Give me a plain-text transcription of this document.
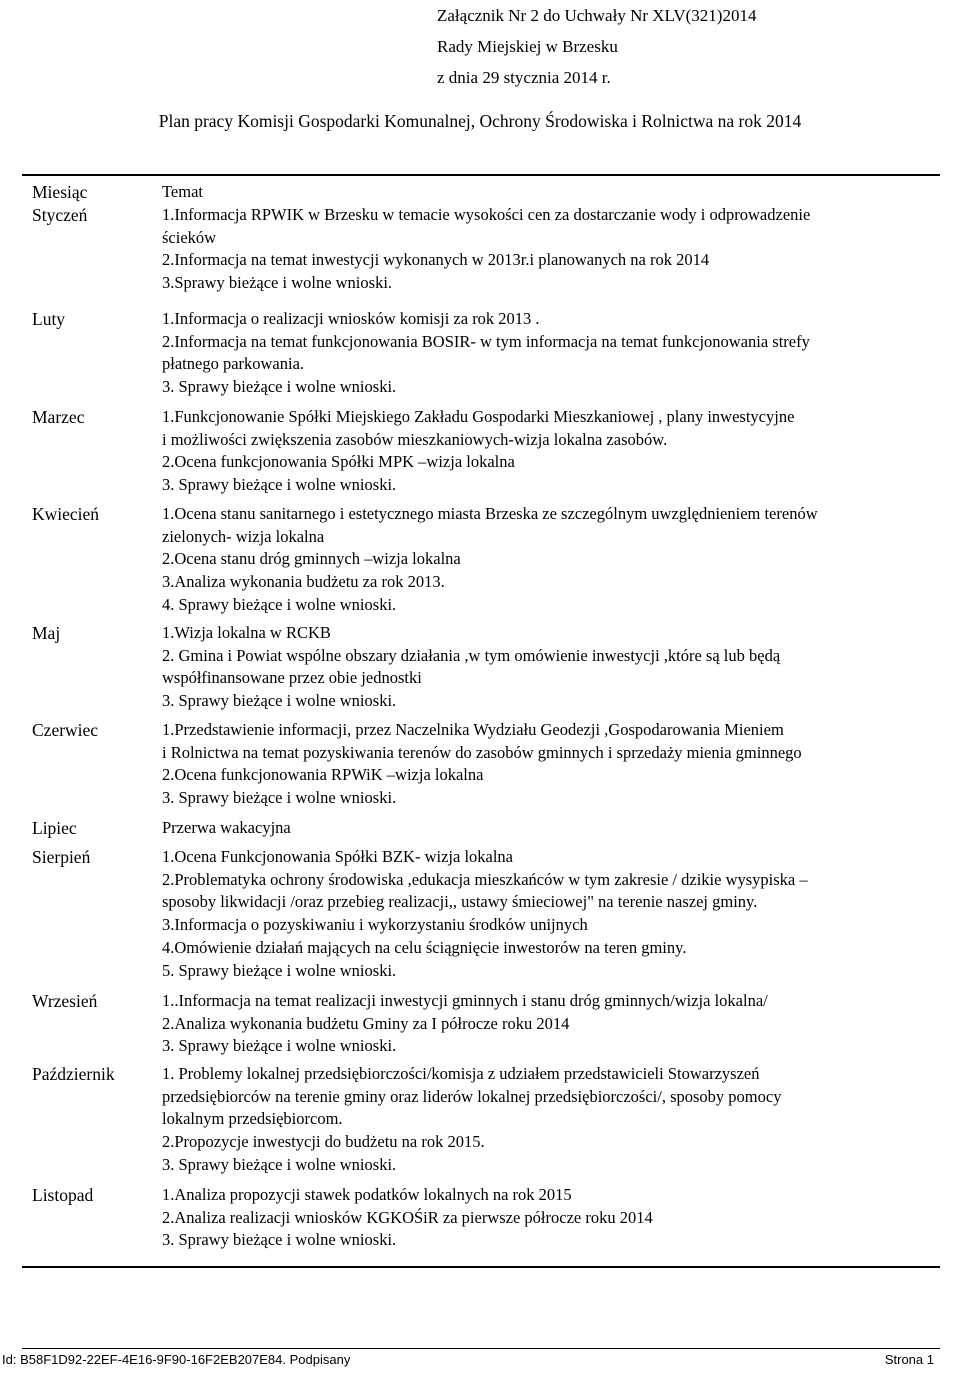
Załącznik Nr 2 do Uchwały Nr XLV(321)2014
Rady Miejskiej w Brzesku
z dnia 29 stycznia 2014 r.
Plan pracy Komisji Gospodarki Komunalnej, Ochrony Środowiska i Rolnictwa na rok 2014
Miesiąc	Temat
Styczeń	1.Informacja RPWIK w Brzesku w temacie wysokości cen za dostarczanie wody i odprowadzenie
ścieków
2.Informacja na temat inwestycji wykonanych w 2013r.i planowanych na rok 2014
3.Sprawy bieżące i wolne wnioski.
Luty	1.Informacja o realizacji wniosków komisji za rok 2013 .
2.Informacja na temat funkcjonowania BOSIR- w tym informacja na temat funkcjonowania strefy
płatnego parkowania.
3. Sprawy bieżące i wolne wnioski.
Marzec	1.Funkcjonowanie Spółki Miejskiego Zakładu Gospodarki Mieszkaniowej , plany inwestycyjne
i możliwości zwiększenia zasobów mieszkaniowych-wizja lokalna zasobów.
2.Ocena funkcjonowania Spółki MPK –wizja lokalna
3. Sprawy bieżące i wolne wnioski.
Kwiecień	1.Ocena stanu sanitarnego i estetycznego miasta Brzeska ze szczególnym uwzględnieniem terenów
zielonych- wizja lokalna
2.Ocena stanu dróg gminnych –wizja lokalna
3.Analiza wykonania budżetu za rok 2013.
4. Sprawy bieżące i wolne wnioski.
Maj	1.Wizja lokalna w RCKB
2. Gmina i Powiat wspólne obszary działania ,w tym omówienie inwestycji ,które są lub będą
współfinansowane przez obie jednostki
3. Sprawy bieżące i wolne wnioski.
Czerwiec	1.Przedstawienie informacji, przez Naczelnika Wydziału Geodezji ,Gospodarowania Mieniem
i Rolnictwa na temat pozyskiwania terenów do zasobów gminnych i sprzedaży mienia gminnego
2.Ocena funkcjonowania RPWiK –wizja lokalna
3. Sprawy bieżące i wolne wnioski.
Lipiec	Przerwa wakacyjna
Sierpień	1.Ocena Funkcjonowania Spółki BZK- wizja lokalna
2.Problematyka ochrony środowiska ,edukacja mieszkańców w tym zakresie / dzikie wysypiska –
sposoby likwidacji /oraz przebieg realizacji,, ustawy śmieciowej" na terenie naszej gminy.
3.Informacja o pozyskiwaniu i wykorzystaniu środków unijnych
4.Omówienie działań mających na celu ściągnięcie inwestorów na teren gminy.
5. Sprawy bieżące i wolne wnioski.
Wrzesień	1..Informacja na temat realizacji inwestycji gminnych i stanu dróg gminnych/wizja lokalna/
2.Analiza wykonania budżetu Gminy za I półrocze roku 2014
3. Sprawy bieżące i wolne wnioski.
Październik	1. Problemy lokalnej przedsiębiorczości/komisja z udziałem przedstawicieli Stowarzyszeń
przedsiębiorców na terenie gminy oraz liderów lokalnej przedsiębiorczości/, sposoby pomocy
lokalnym przedsiębiorcom.
2.Propozycje inwestycji do budżetu na rok 2015.
3. Sprawy bieżące i wolne wnioski.
Listopad	1.Analiza propozycji stawek podatków lokalnych na rok 2015
2.Analiza realizacji wniosków KGKOŚiR za pierwsze półrocze roku 2014
3. Sprawy bieżące i wolne wnioski.
Id: B58F1D92-22EF-4E16-9F90-16F2EB207E84. Podpisany	Strona 1
